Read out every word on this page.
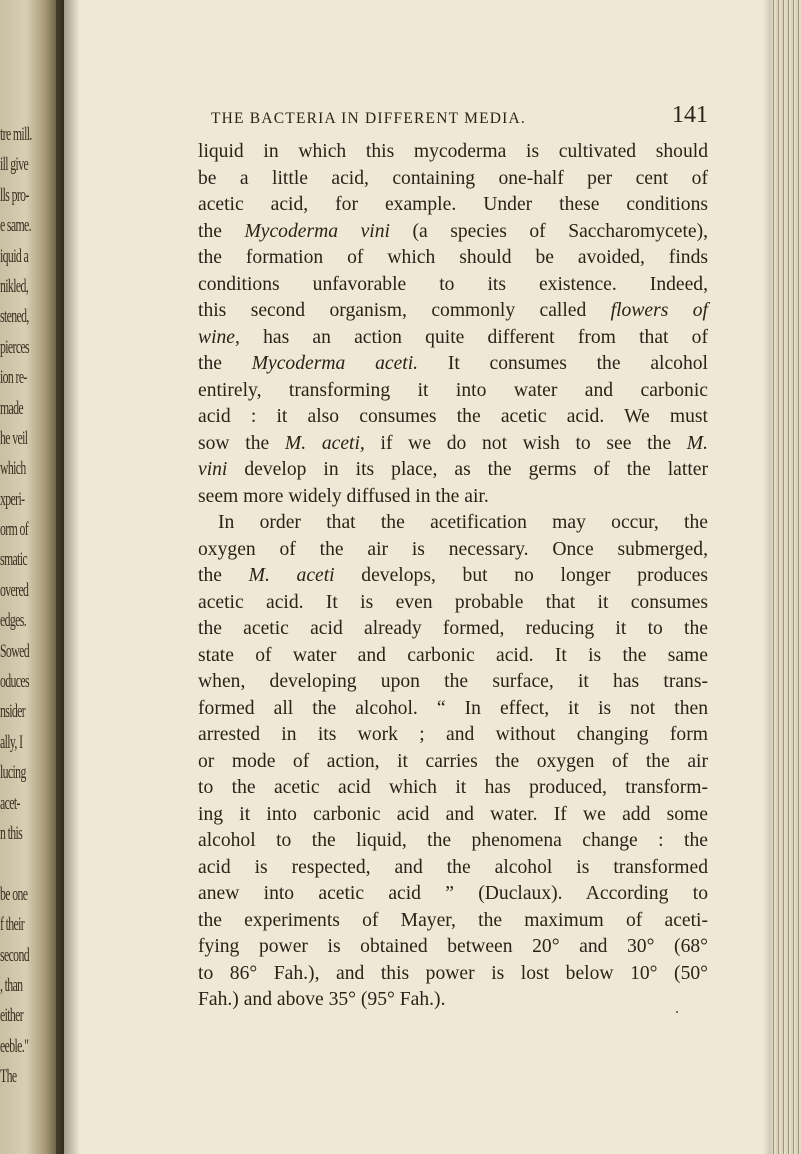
tre mill.
ill give
lls pro-
e same.
iquid a
nikled,
stened,
pierces
ion re-
made
he veil
which
xperi-
orm of
smatic
overed
edges.
Sowed
oduces
nsider
ally, I
lucing
acet-
n this
be one
f their
second
, than
either
eeble."
The
THE BACTERIA IN DIFFERENT MEDIA.	141
liquid in which this mycoderma is cultivated should
be a little acid, containing one-half per cent of
acetic acid, for example. Under these conditions
the Mycoderma vini (a species of Saccharomycete),
the formation of which should be avoided, finds
conditions unfavorable to its existence. Indeed,
this second organism, commonly called flowers of
wine, has an action quite different from that of
the Mycoderma aceti. It consumes the alcohol
entirely, transforming it into water and carbonic
acid : it also consumes the acetic acid. We must
sow the M. aceti, if we do not wish to see the M.
vini develop in its place, as the germs of the latter
seem more widely diffused in the air.
In order that the acetification may occur, the
oxygen of the air is necessary. Once submerged,
the M. aceti develops, but no longer produces
acetic acid. It is even probable that it consumes
the acetic acid already formed, reducing it to the
state of water and carbonic acid. It is the same
when, developing upon the surface, it has trans-
formed all the alcohol. “ In effect, it is not then
arrested in its work ; and without changing form
or mode of action, it carries the oxygen of the air
to the acetic acid which it has produced, transform-
ing it into carbonic acid and water. If we add some
alcohol to the liquid, the phenomena change : the
acid is respected, and the alcohol is transformed
anew into acetic acid ” (Duclaux). According to
the experiments of Mayer, the maximum of aceti-
fying power is obtained between 20° and 30° (68°
to 86° Fah.), and this power is lost below 10° (50°
Fah.) and above 35° (95° Fah.).
